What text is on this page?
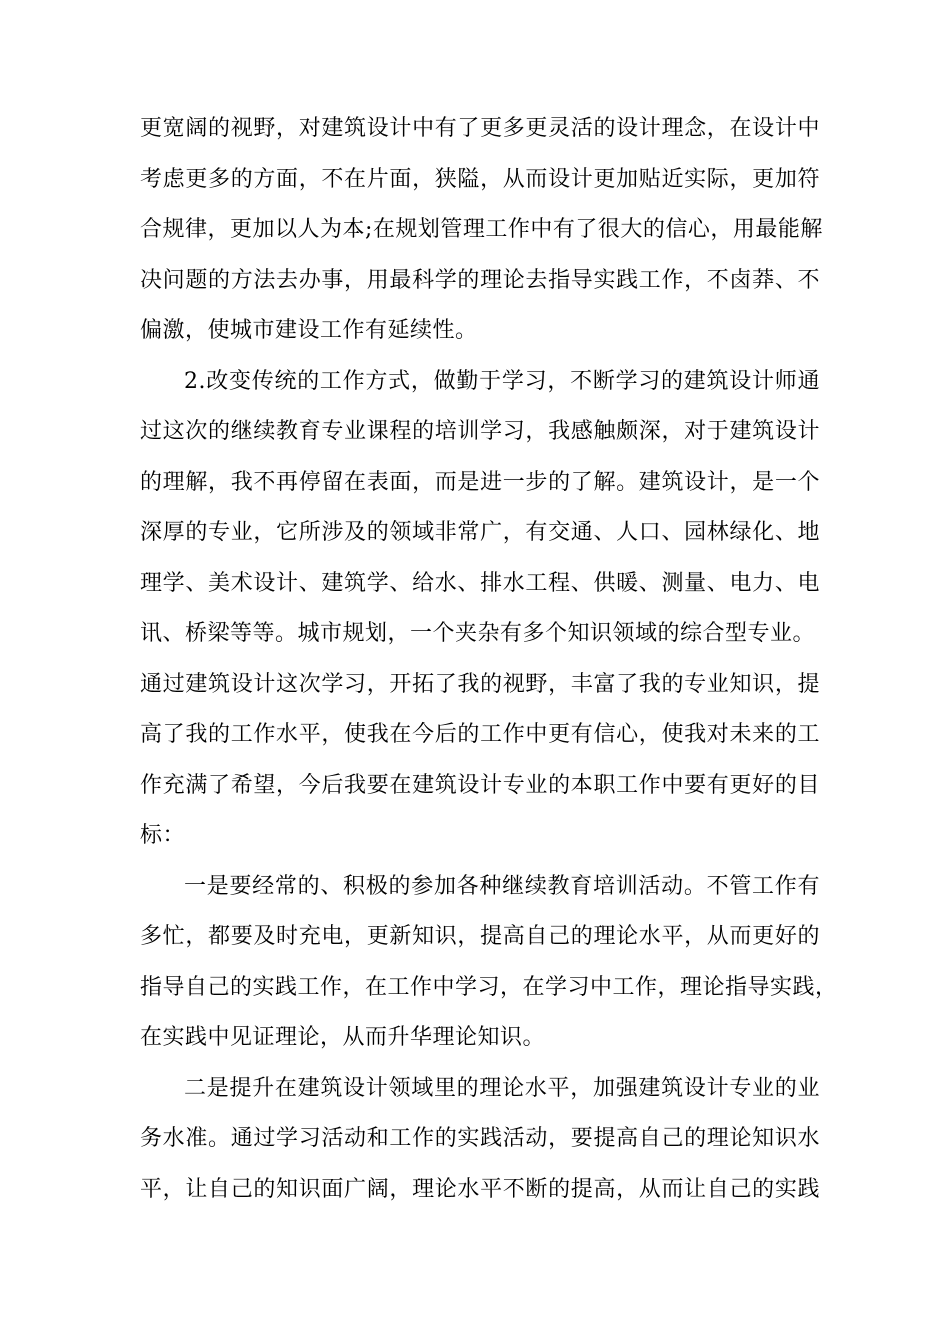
更宽阔的视野，对建筑设计中有了更多更灵活的设计理念，在设计中
考虑更多的方面，不在片面，狭隘，从而设计更加贴近实际，更加符
合规律，更加以人为本;在规划管理工作中有了很大的信心，用最能解
决问题的方法去办事，用最科学的理论去指导实践工作，不卤莽、不
偏激，使城市建设工作有延续性。
2.改变传统的工作方式，做勤于学习，不断学习的建筑设计师通
过这次的继续教育专业课程的培训学习，我感触颇深，对于建筑设计
的理解，我不再停留在表面，而是进一步的了解。建筑设计，是一个
深厚的专业，它所涉及的领域非常广，有交通、人口、园林绿化、地
理学、美术设计、建筑学、给水、排水工程、供暖、测量、电力、电
讯、桥梁等等。城市规划，一个夹杂有多个知识领域的综合型专业。
通过建筑设计这次学习，开拓了我的视野，丰富了我的专业知识，提
高了我的工作水平，使我在今后的工作中更有信心，使我对未来的工
作充满了希望，今后我要在建筑设计专业的本职工作中要有更好的目
标：
一是要经常的、积极的参加各种继续教育培训活动。不管工作有
多忙，都要及时充电，更新知识，提高自己的理论水平，从而更好的
指导自己的实践工作，在工作中学习，在学习中工作，理论指导实践，
在实践中见证理论，从而升华理论知识。
二是提升在建筑设计领域里的理论水平，加强建筑设计专业的业
务水准。通过学习活动和工作的实践活动，要提高自己的理论知识水
平，让自己的知识面广阔，理论水平不断的提高，从而让自己的实践
